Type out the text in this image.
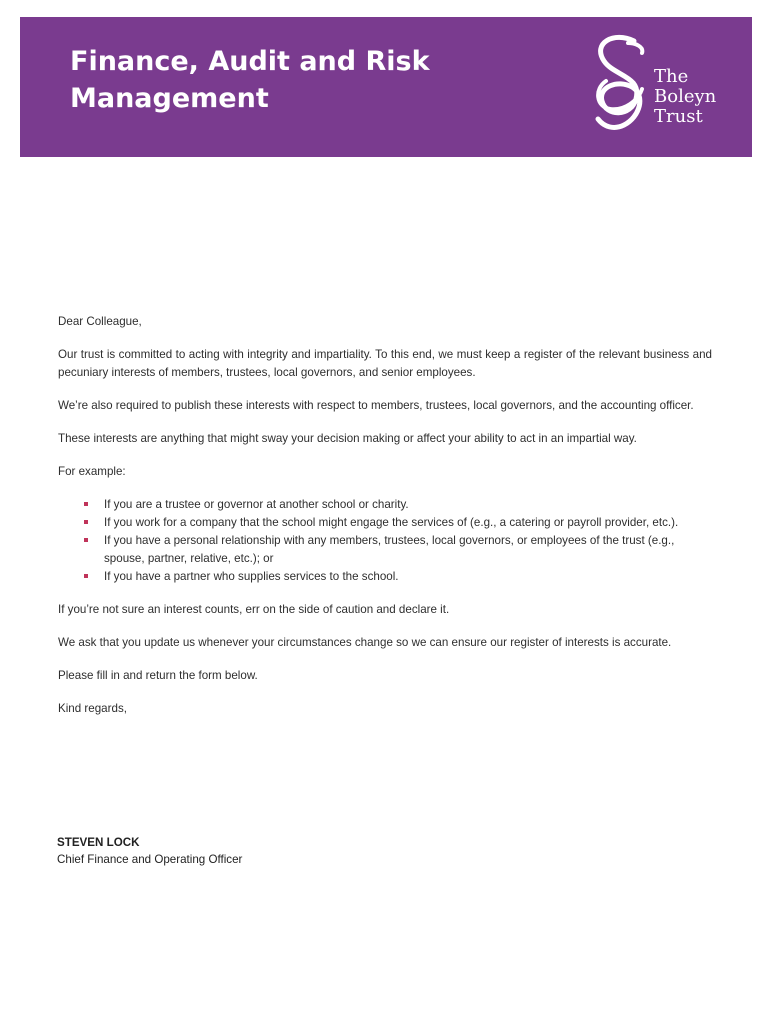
Finance, Audit and Risk
Management
The
Boleyn
Trust

Dear Colleague,

Our trust is committed to acting with integrity and impartiality. To this end, we must keep a register of the relevant business and pecuniary interests of members, trustees, local governors, and senior employees.

We’re also required to publish these interests with respect to members, trustees, local governors, and the accounting officer.

These interests are anything that might sway your decision making or affect your ability to act in an impartial way.

For example:

If you are a trustee or governor at another school or charity.
If you work for a company that the school might engage the services of (e.g., a catering or payroll provider, etc.).
If you have a personal relationship with any members, trustees, local governors, or employees of the trust (e.g., spouse, partner, relative, etc.); or
If you have a partner who supplies services to the school.

If you’re not sure an interest counts, err on the side of caution and declare it.

We ask that you update us whenever your circumstances change so we can ensure our register of interests is accurate.

Please fill in and return the form below.

Kind regards,

STEVEN LOCK
Chief Finance and Operating Officer
